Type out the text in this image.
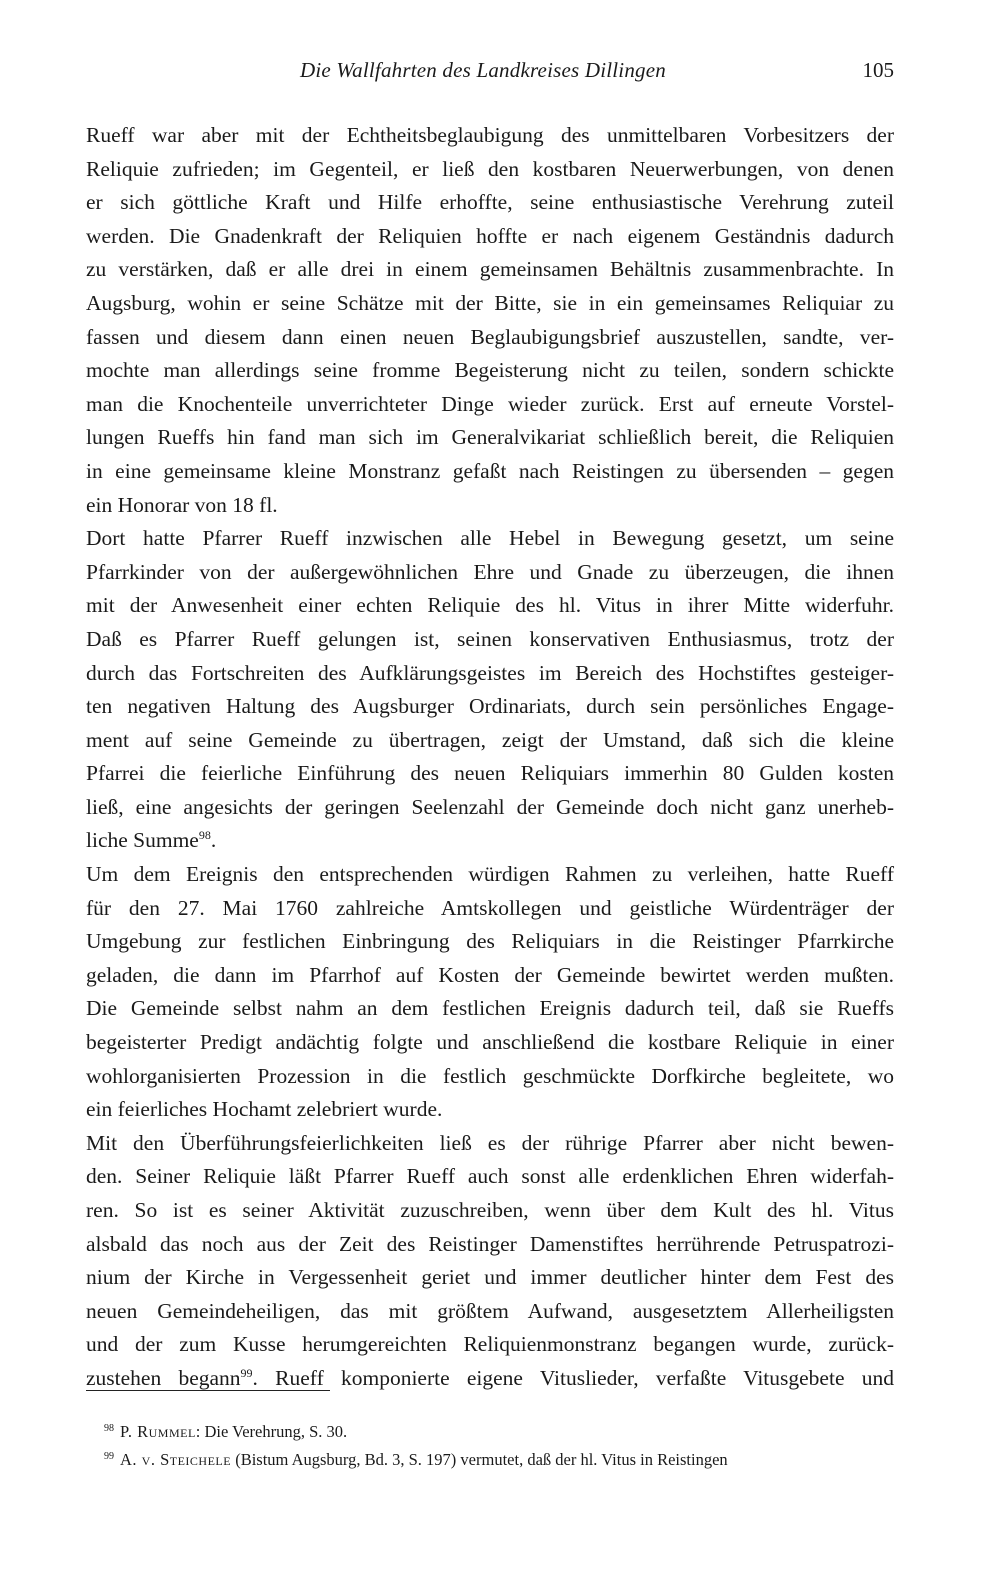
Die Wallfahrten des Landkreises Dillingen	105

Rueff war aber mit der Echtheitsbeglaubigung des unmittelbaren Vorbesitzers der
Reliquie zufrieden; im Gegenteil, er ließ den kostbaren Neuerwerbungen, von denen
er sich göttliche Kraft und Hilfe erhoffte, seine enthusiastische Verehrung zuteil
werden. Die Gnadenkraft der Reliquien hoffte er nach eigenem Geständnis dadurch
zu verstärken, daß er alle drei in einem gemeinsamen Behältnis zusammenbrachte. In
Augsburg, wohin er seine Schätze mit der Bitte, sie in ein gemeinsames Reliquiar zu
fassen und diesem dann einen neuen Beglaubigungsbrief auszustellen, sandte, ver-
mochte man allerdings seine fromme Begeisterung nicht zu teilen, sondern schickte
man die Knochenteile unverrichteter Dinge wieder zurück. Erst auf erneute Vorstel-
lungen Rueffs hin fand man sich im Generalvikariat schließlich bereit, die Reliquien
in eine gemeinsame kleine Monstranz gefaßt nach Reistingen zu übersenden – gegen
ein Honorar von 18 fl.

Dort hatte Pfarrer Rueff inzwischen alle Hebel in Bewegung gesetzt, um seine
Pfarrkinder von der außergewöhnlichen Ehre und Gnade zu überzeugen, die ihnen
mit der Anwesenheit einer echten Reliquie des hl. Vitus in ihrer Mitte widerfuhr.
Daß es Pfarrer Rueff gelungen ist, seinen konservativen Enthusiasmus, trotz der
durch das Fortschreiten des Aufklärungsgeistes im Bereich des Hochstiftes gesteiger-
ten negativen Haltung des Augsburger Ordinariats, durch sein persönliches Engage-
ment auf seine Gemeinde zu übertragen, zeigt der Umstand, daß sich die kleine
Pfarrei die feierliche Einführung des neuen Reliquiars immerhin 80 Gulden kosten
ließ, eine angesichts der geringen Seelenzahl der Gemeinde doch nicht ganz unerheb-
liche Summe$^{98}$.

Um dem Ereignis den entsprechenden würdigen Rahmen zu verleihen, hatte Rueff
für den 27. Mai 1760 zahlreiche Amtskollegen und geistliche Würdenträger der
Umgebung zur festlichen Einbringung des Reliquiars in die Reistinger Pfarrkirche
geladen, die dann im Pfarrhof auf Kosten der Gemeinde bewirtet werden mußten.
Die Gemeinde selbst nahm an dem festlichen Ereignis dadurch teil, daß sie Rueffs
begeisterter Predigt andächtig folgte und anschließend die kostbare Reliquie in einer
wohlorganisierten Prozession in die festlich geschmückte Dorfkirche begleitete, wo
ein feierliches Hochamt zelebriert wurde.

Mit den Überführungsfeierlichkeiten ließ es der rührige Pfarrer aber nicht bewen-
den. Seiner Reliquie läßt Pfarrer Rueff auch sonst alle erdenklichen Ehren widerfah-
ren. So ist es seiner Aktivität zuzuschreiben, wenn über dem Kult des hl. Vitus
alsbald das noch aus der Zeit des Reistinger Damenstiftes herrührende Petruspatrozi-
nium der Kirche in Vergessenheit geriet und immer deutlicher hinter dem Fest des
neuen Gemeindeheiligen, das mit größtem Aufwand, ausgesetztem Allerheiligsten
und der zum Kusse herumgereichten Reliquienmonstranz begangen wurde, zurück-
zustehen begann$^{99}$. Rueff komponierte eigene Vituslieder, verfaßte Vitusgebete und

$^{98}$ P. Rummel: Die Verehrung, S. 30.
$^{99}$ A. v. Steichele (Bistum Augsburg, Bd. 3, S. 197) vermutet, daß der hl. Vitus in Reistingen
